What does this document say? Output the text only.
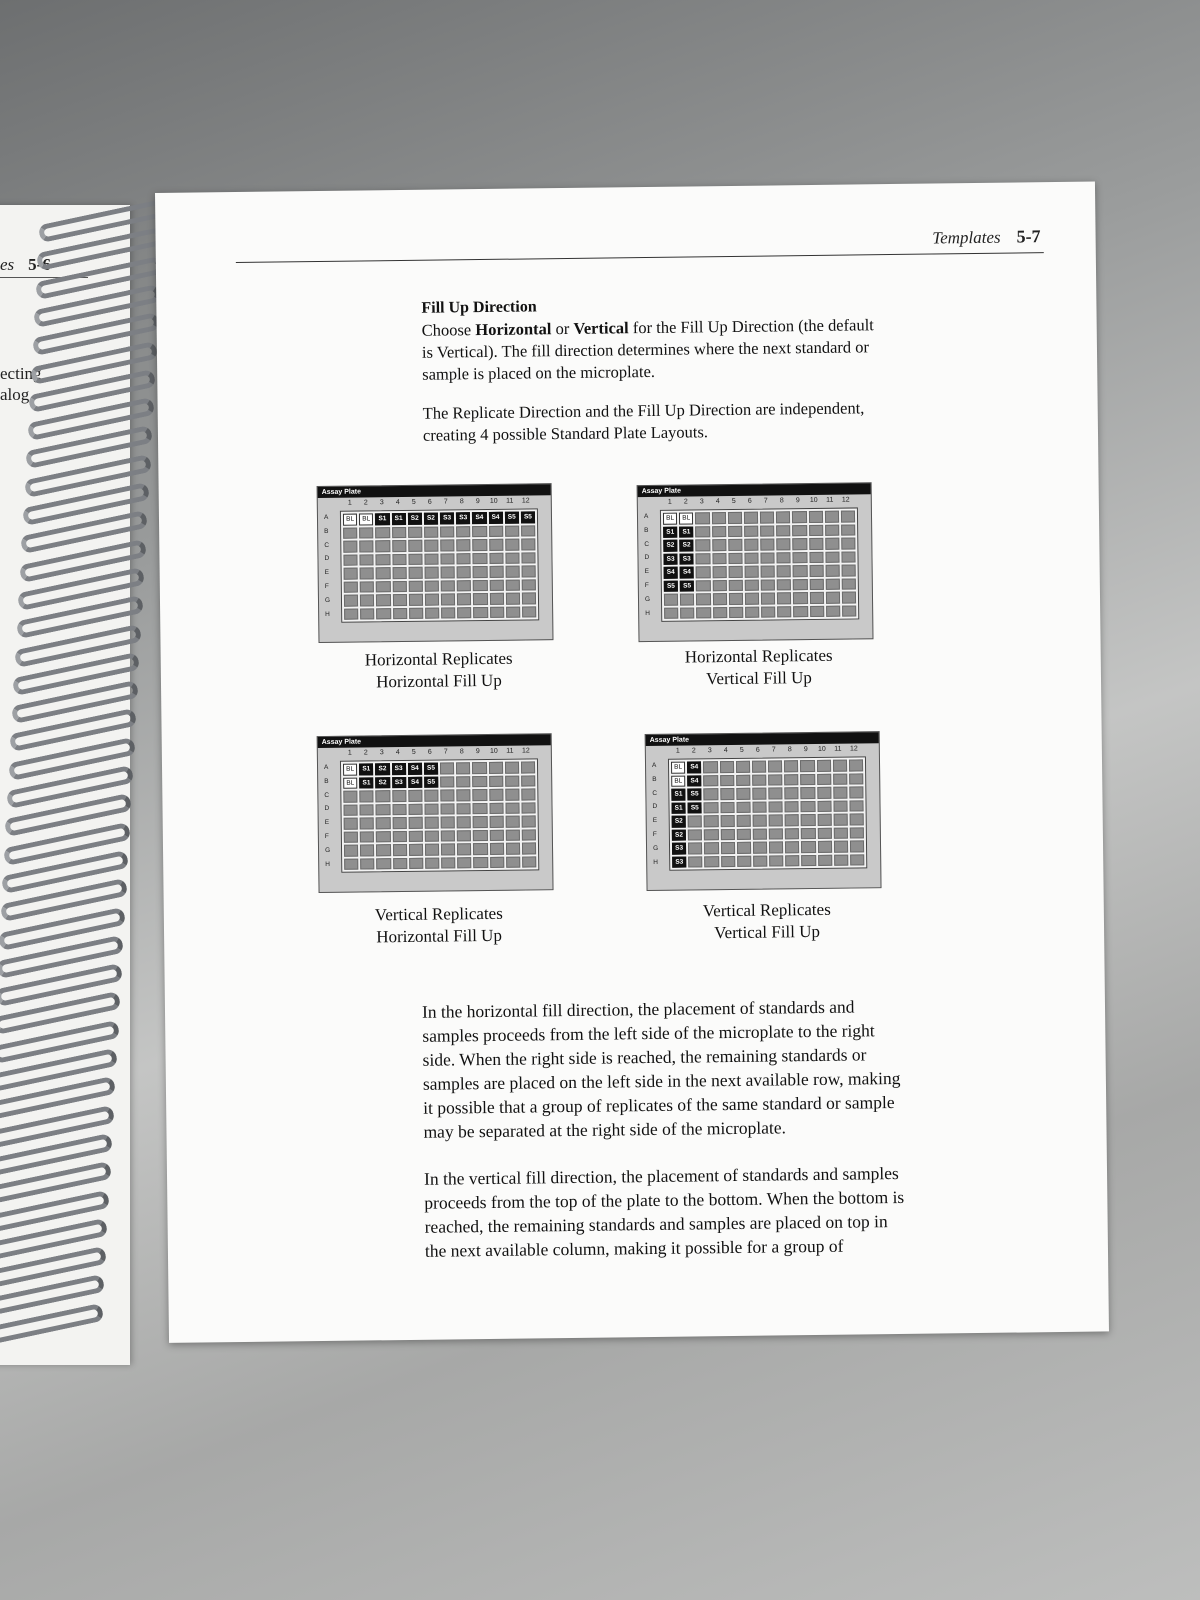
es 5-6
ecting
alog
Templates 5-7
Fill Up Direction
Choose Horizontal or Vertical for the Fill Up Direction (the default
is Vertical). The fill direction determines where the next standard or
sample is placed on the microplate.
The Replicate Direction and the Fill Up Direction are independent,
creating 4 possible Standard Plate Layouts.
Assay Plate
1 2 3 4 5 6 7 8 9 10 11 12
A
B
C
D
E
F
G
H
BL	BL	S1	S1	S2	S2	S3	S3	S4	S4	S5	S5
Assay Plate
1 2 3 4 5 6 7 8 9 10 11 12
A
B
C
D
E
F
G
H
BL	BL
S1	S1
S2	S2
S3	S3
S4	S4
S5	S5
Assay Plate
1 2 3 4 5 6 7 8 9 10 11 12
A
B
C
D
E
F
G
H
BL	S1	S2	S3	S4	S5
BL	S1	S2	S3	S4	S5
Assay Plate
1 2 3 4 5 6 7 8 9 10 11 12
A
B
C
D
E
F
G
H
BL	S4
BL	S4
S1	S5
S1	S5
S2
S2
S3
S3
Horizontal Replicates
Horizontal Fill Up
Horizontal Replicates
Vertical Fill Up
Vertical Replicates
Horizontal Fill Up
Vertical Replicates
Vertical Fill Up
In the horizontal fill direction, the placement of standards and
samples proceeds from the left side of the microplate to the right
side. When the right side is reached, the remaining standards or
samples are placed on the left side in the next available row, making
it possible that a group of replicates of the same standard or sample
may be separated at the right side of the microplate.
In the vertical fill direction, the placement of standards and samples
proceeds from the top of the plate to the bottom. When the bottom is
reached, the remaining standards and samples are placed on top in
the next available column, making it possible for a group of
